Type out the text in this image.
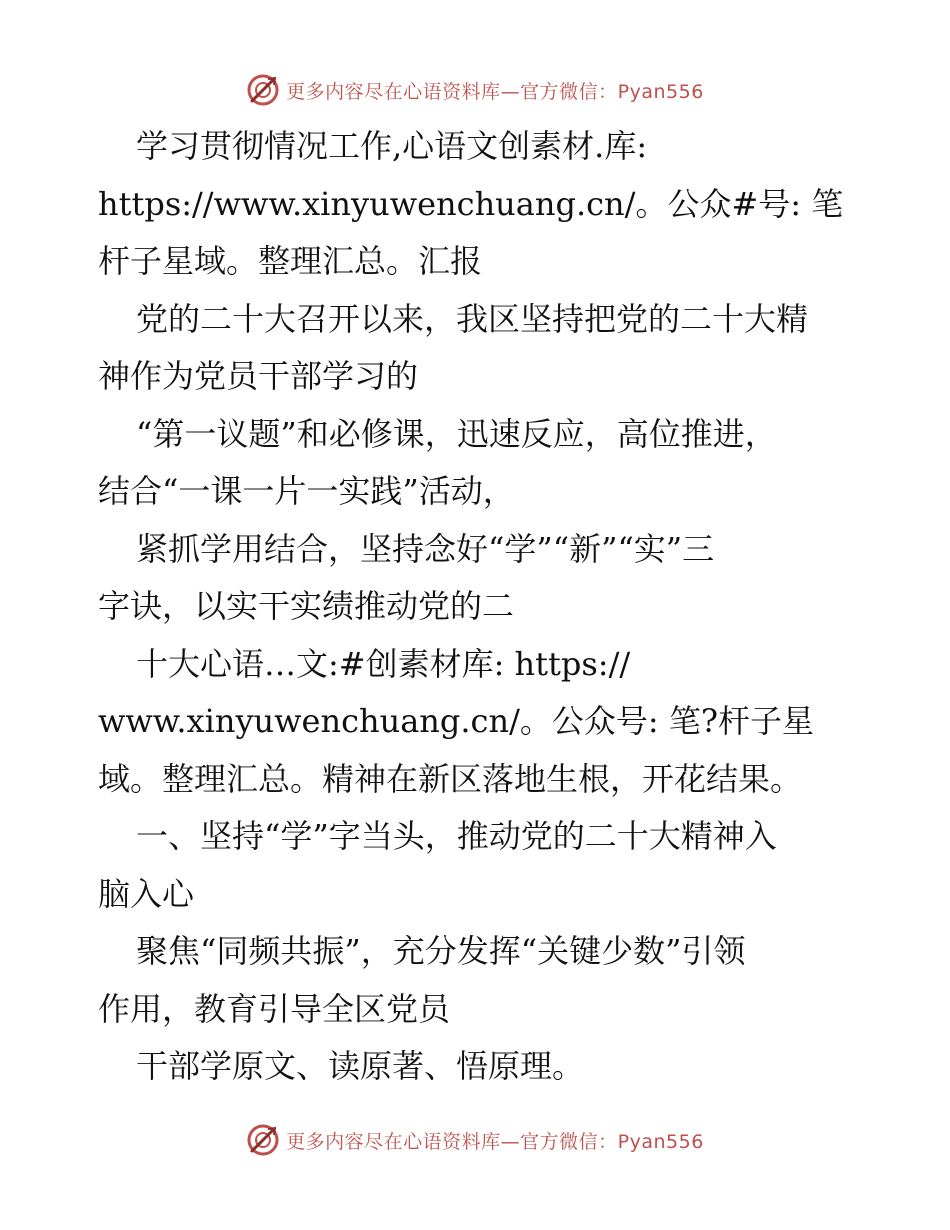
更多内容尽在心语资料库—官方微信：Pyan556
学习贯彻情况工作,心语文创素材.库:
https://www.xinyuwenchuang.cn/。公众#号: 笔
杆子星域。整理汇总。汇报
党的二十大召开以来，我区坚持把党的二十大精
神作为党员干部学习的
“第一议题”和必修课，迅速反应，高位推进，
结合“一课一片一实践”活动，
紧抓学用结合，坚持念好“学”“新”“实”三
字诀，以实干实绩推动党的二
十大心语…文:#创素材库: https://
www.xinyuwenchuang.cn/。公众号: 笔?杆子星
域。整理汇总。精神在新区落地生根，开花结果。
一、坚持“学”字当头，推动党的二十大精神入
脑入心
聚焦“同频共振”，充分发挥“关键少数”引领
作用，教育引导全区党员
干部学原文、读原著、悟原理。
更多内容尽在心语资料库—官方微信：Pyan556
